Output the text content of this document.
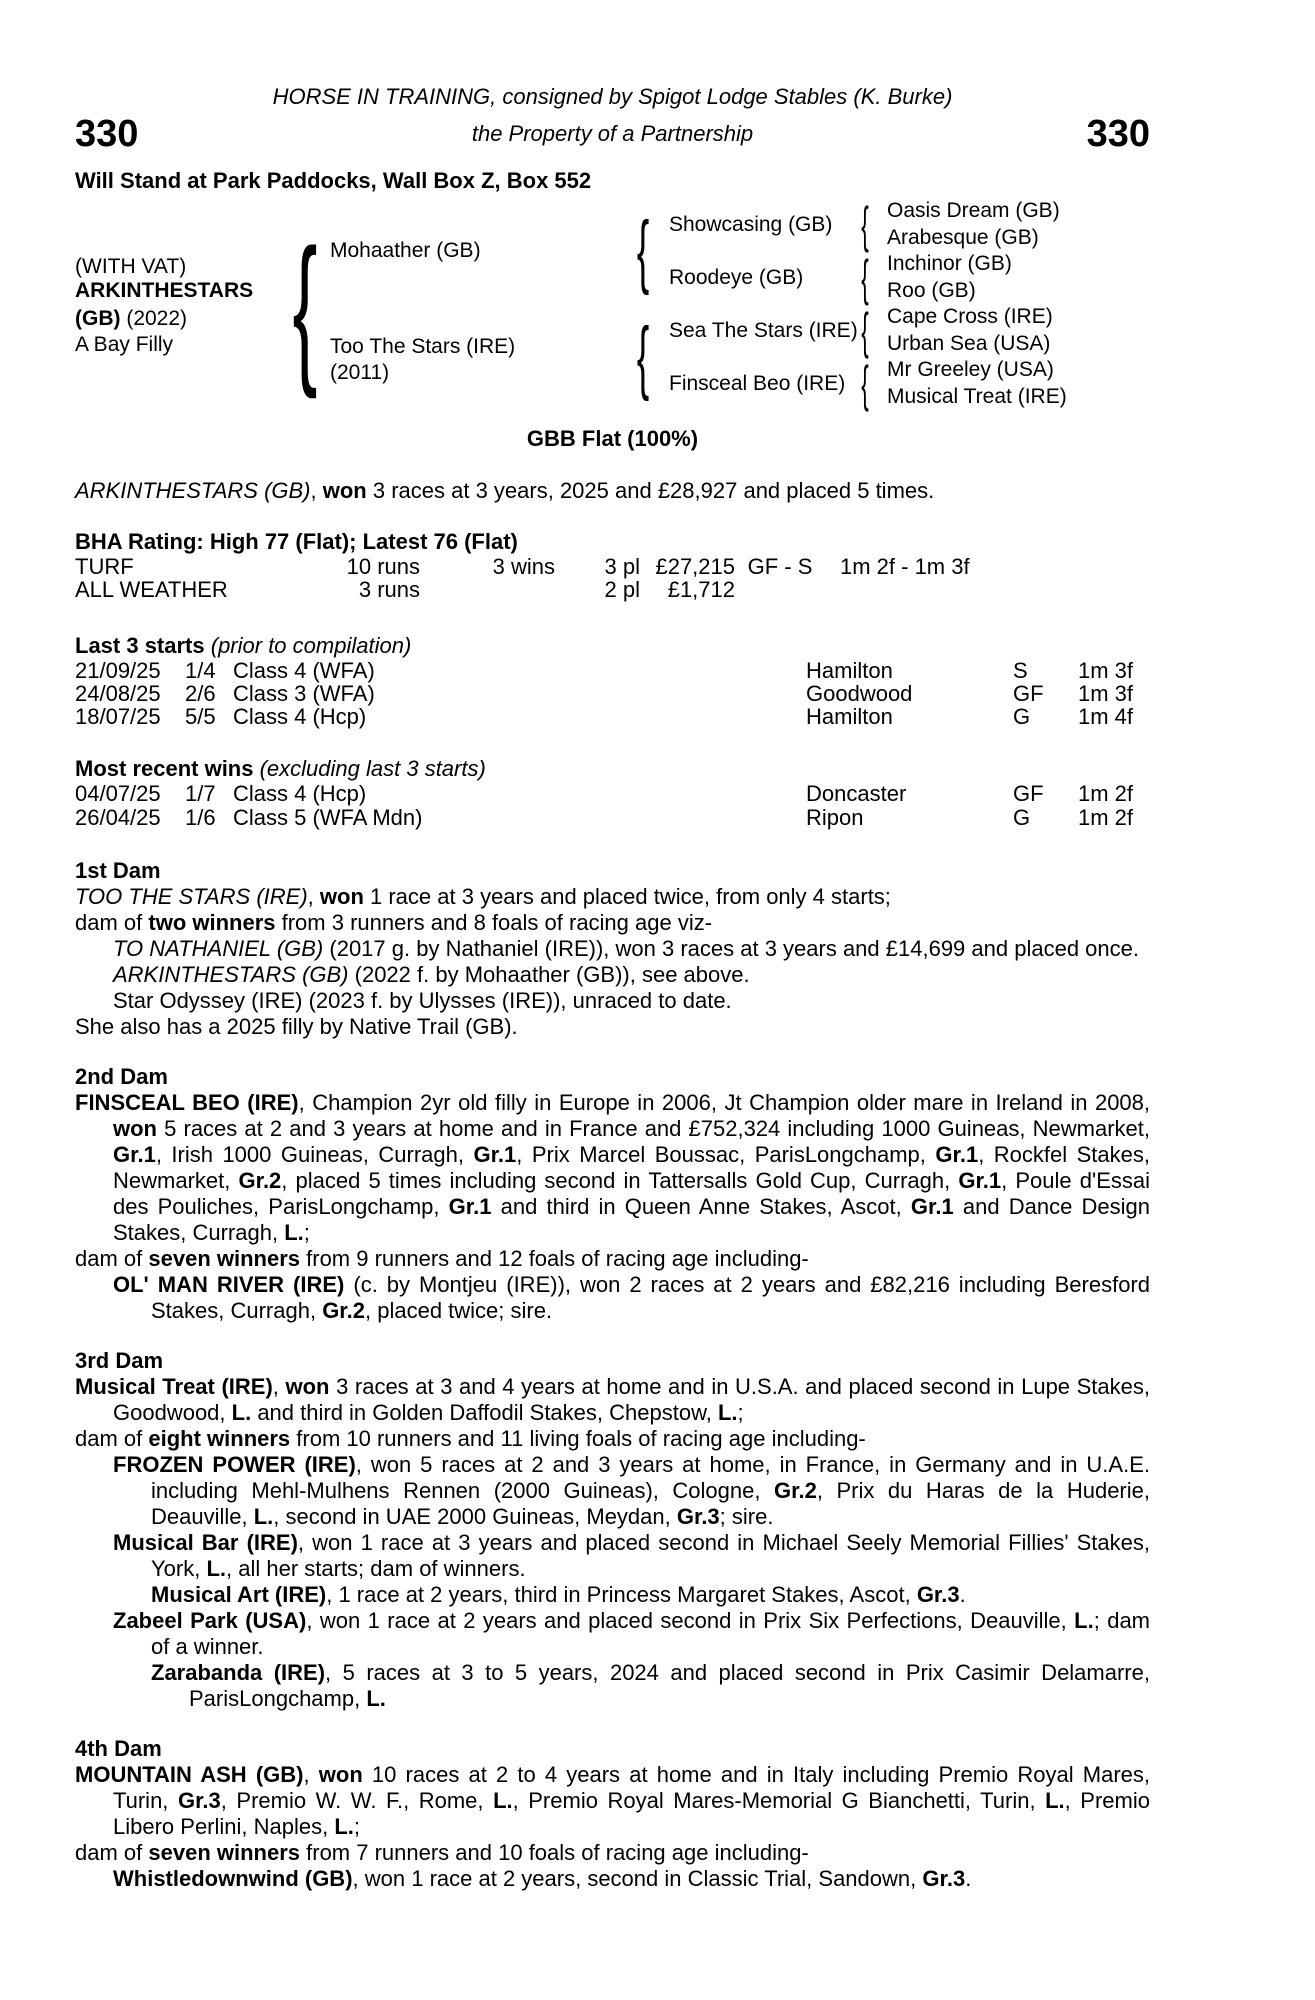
HORSE IN TRAINING, consigned by Spigot Lodge Stables (K. Burke)
330	the Property of a Partnership	330
Will Stand at Park Paddocks, Wall Box Z, Box 552
(WITH VAT)
ARKINTHESTARS
(GB) (2022)
A Bay Filly {	{
{
{
{
{
{
Mohaather (GB)
Too The Stars (IRE)
(2011)
Showcasing (GB)
Roodeye (GB)
Sea The Stars (IRE)
Finsceal Beo (IRE)
Oasis Dream (GB)
Arabesque (GB)
Inchinor (GB)
Roo (GB)
Cape Cross (IRE)
Urban Sea (USA)
Mr Greeley (USA)
Musical Treat (IRE)
GBB Flat (100%)
ARKINTHESTARS (GB), won 3 races at 3 years, 2025 and £28,927 and placed 5 times.
BHA Rating: High 77 (Flat); Latest 76 (Flat)
TURF	10 runs	3 wins	3 pl £27,215 GF - S	1m 2f - 1m 3f
ALL WEATHER	3 runs	2 pl	£1,712
Last 3 starts (prior to compilation)
21/09/25	1/4 Class 4 (WFA)	Hamilton	S	1m 3f
24/08/25	2/6 Class 3 (WFA)	Goodwood	GF	1m 3f
18/07/25	5/5 Class 4 (Hcp)	Hamilton	G	1m 4f
Most recent wins (excluding last 3 starts)
04/07/25	1/7 Class 4 (Hcp)	Doncaster	GF	1m 2f
26/04/25	1/6 Class 5 (WFA Mdn)	Ripon	G	1m 2f
1st Dam
TOO THE STARS (IRE), won 1 race at 3 years and placed twice, from only 4 starts;
dam of two winners from 3 runners and 8 foals of racing age viz-
TO NATHANIEL (GB) (2017 g. by Nathaniel (IRE)), won 3 races at 3 years and £14,699 and placed once.
ARKINTHESTARS (GB) (2022 f. by Mohaather (GB)), see above.
Star Odyssey (IRE) (2023 f. by Ulysses (IRE)), unraced to date.
She also has a 2025 filly by Native Trail (GB).
2nd Dam
FINSCEAL BEO (IRE), Champion 2yr old filly in Europe in 2006, Jt Champion older mare in Ireland in 2008, won 5 races at 2 and 3 years at home and in France and £752,324 including 1000 Guineas, Newmarket, Gr.1, Irish 1000 Guineas, Curragh, Gr.1, Prix Marcel Boussac, ParisLongchamp, Gr.1, Rockfel Stakes, Newmarket, Gr.2, placed 5 times including second in Tattersalls Gold Cup, Curragh, Gr.1, Poule d'Essai des Pouliches, ParisLongchamp, Gr.1 and third in Queen Anne Stakes, Ascot, Gr.1 and Dance Design Stakes, Curragh, L.;
dam of seven winners from 9 runners and 12 foals of racing age including-
OL' MAN RIVER (IRE) (c. by Montjeu (IRE)), won 2 races at 2 years and £82,216 including Beresford Stakes, Curragh, Gr.2, placed twice; sire.
3rd Dam
Musical Treat (IRE), won 3 races at 3 and 4 years at home and in U.S.A. and placed second in Lupe Stakes, Goodwood, L. and third in Golden Daffodil Stakes, Chepstow, L.;
dam of eight winners from 10 runners and 11 living foals of racing age including-
FROZEN POWER (IRE), won 5 races at 2 and 3 years at home, in France, in Germany and in U.A.E. including Mehl-Mulhens Rennen (2000 Guineas), Cologne, Gr.2, Prix du Haras de la Huderie, Deauville, L., second in UAE 2000 Guineas, Meydan, Gr.3; sire.
Musical Bar (IRE), won 1 race at 3 years and placed second in Michael Seely Memorial Fillies' Stakes, York, L., all her starts; dam of winners.
Musical Art (IRE), 1 race at 2 years, third in Princess Margaret Stakes, Ascot, Gr.3.
Zabeel Park (USA), won 1 race at 2 years and placed second in Prix Six Perfections, Deauville, L.; dam of a winner.
Zarabanda (IRE), 5 races at 3 to 5 years, 2024 and placed second in Prix Casimir Delamarre, ParisLongchamp, L.
4th Dam
MOUNTAIN ASH (GB), won 10 races at 2 to 4 years at home and in Italy including Premio Royal Mares, Turin, Gr.3, Premio W. W. F., Rome, L., Premio Royal Mares-Memorial G Bianchetti, Turin, L., Premio Libero Perlini, Naples, L.;
dam of seven winners from 7 runners and 10 foals of racing age including-
Whistledownwind (GB), won 1 race at 2 years, second in Classic Trial, Sandown, Gr.3.
